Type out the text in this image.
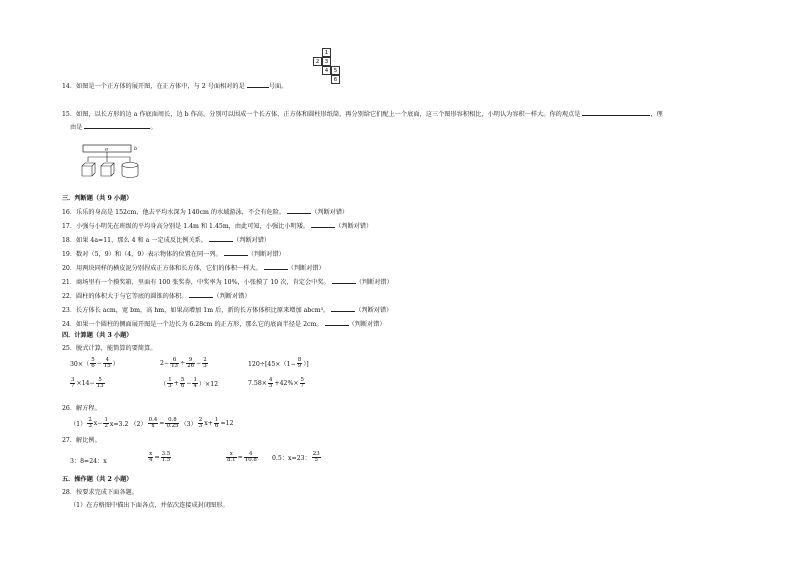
1
2	3
4	5
6
14．如图是一个正方体的展开图，在正方体中，与 2 号面相对的是	号面。
15．如图，以长方形的边 a 作底面周长，边 b 作高，分别可以围成一个长方体、正方体和圆柱形纸筒，再分别给它们配上一个底面，这三个图形容积相比，小明认为容积一样大。你的观点是	，理
由是	。
a	b
三．判断题（共 9 小题）
16．乐乐的身高是 152cm，他去平均水深为 140cm 的水域游泳，不会有危险。	（判断对错）
17．小强与小明先在班级的平均身高分别是 1.4m 和 1.45m，由此可知，小强比小明矮。	（判断对错）
18．如果 4a=11，那么 4 和 a 一定成反比例关系。	（判断对错）
19．数对（5，9）和（4，9）表示物体的位置在同一列。	（判断对错）
20．用两块同样的横皮泥分别捏成正方体和长方体，它们的体积一样大。	（判断对错）
21．商场里有一个摸奖箱，里面有 100 张奖券，中奖率为 10%，小张摸了 10 次，肯定会中奖。	（判断对错）
22．圆柱的体积大于与它等底的圆锥的体积。	（判断对错）
23．长方体长 acm，宽 bm，高 hm，如果高增加 1m 后，新的长方体体积比原来增加 abcm³。	（判断对错）
24．如果一个圆柱的侧面展开图是一个边长为 6.28cm 的正方形，那么它的底面半径是 2cm。	（判断对错）
四．计算题（共 3 小题）
25．脱式计算，能简算的要简算。
$30\times( \frac{5}{6} - \frac{4}{15}$ ）	$2- \frac{6}{13} \div \frac{9}{26} - \frac{2}{3}$	$120\div[45\times(1- \frac{8}{9}$ ）]
$\frac{3}{7} \times 14- \frac{5}{13}$	（ $\frac{1}{3} + \frac{5}{6} - \frac{1}{4} )\times 12$	$7.58\times \frac{4}{5} +42\%\times \frac{5}{7}$
26．解方程。
$(1) \frac{2}{3} x- \frac{1}{2} x=3.2$ $(2) \frac{0.4}{x} = \frac{0.8}{0.25} (3) \frac{2}{3} x+ \frac{1}{6} =12$
27．解比例。
3：8=24：x	$\frac{x}{4} = \frac{3.5}{1.5}$	$\frac{x}{8.1} = \frac{4}{10.8} 0.5$：x=23： $\frac{23}{5}$
五．操作题（共 2 小题）
28．按要求完成下面各题。
（1）在方格图中描出下面各点，并依次连接成封闭图形。
